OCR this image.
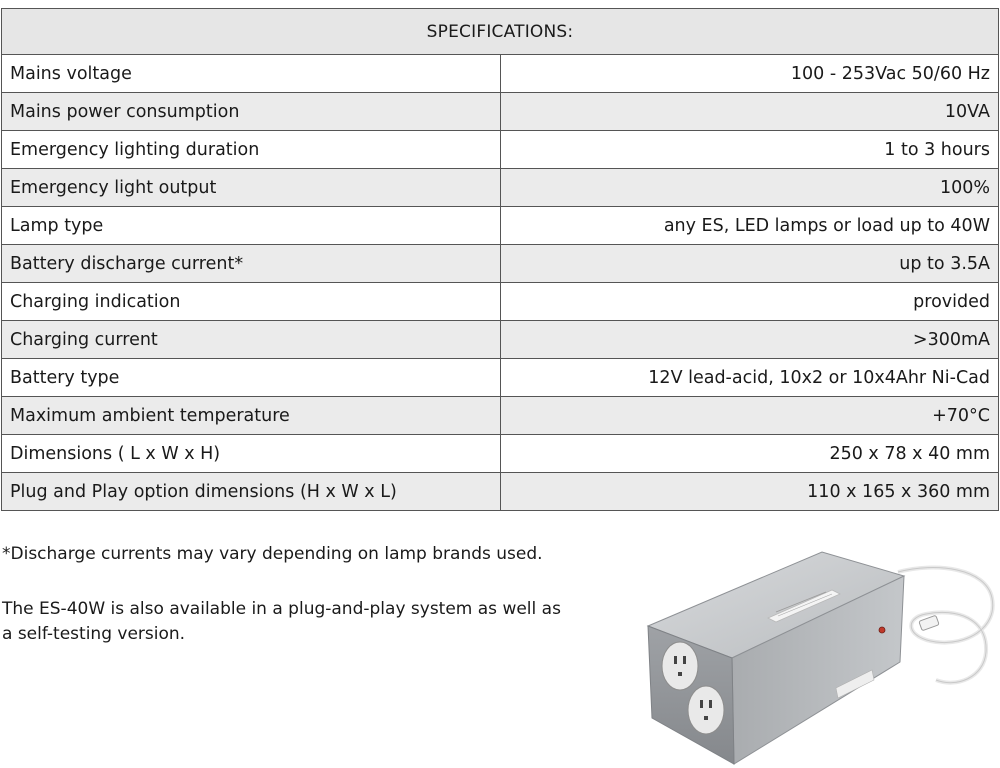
SPECIFICATIONS:	
Mains voltage	100 - 253Vac 50/60 Hz
Mains power consumption	10VA
Emergency lighting duration	1 to 3 hours
Emergency light output	100%
Lamp type	any ES, LED lamps or load up to 40W
Battery discharge current*	up to 3.5A
Charging indication	provided
Charging current	>300mA
Battery type	12V lead-acid, 10x2 or 10x4Ahr Ni-Cad
Maximum ambient temperature	+70°C
Dimensions ( L x W x H)	250 x 78 x 40 mm
Plug and Play option dimensions (H x W x L)	110 x 165 x 360 mm

*Discharge currents may vary depending on lamp brands used.

The ES-40W is also available in a plug-and-play system as well as a self-testing version.
